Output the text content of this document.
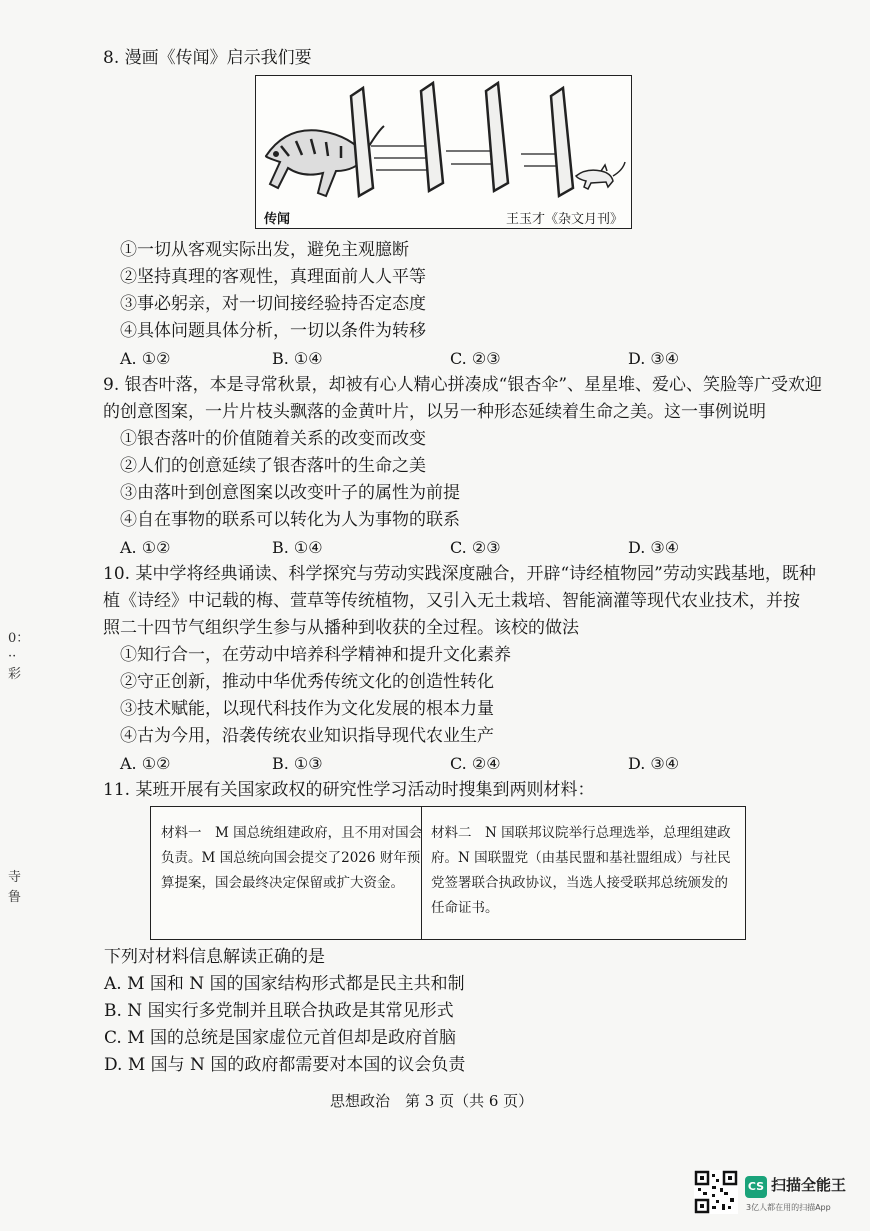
8. 漫画《传闻》启示我们要
传闻	王玉才《杂文月刊》
①一切从客观实际出发，避免主观臆断
②坚持真理的客观性，真理面前人人平等
③事必躬亲，对一切间接经验持否定态度
④具体问题具体分析，一切以条件为转移
A. ①②	B. ①④	C. ②③	D. ③④
9. 银杏叶落，本是寻常秋景，却被有心人精心拼凑成“银杏伞”、星星堆、爱心、笑脸等广受欢迎
的创意图案，一片片枝头飘落的金黄叶片，以另一种形态延续着生命之美。这一事例说明
①银杏落叶的价值随着关系的改变而改变
②人们的创意延续了银杏落叶的生命之美
③由落叶到创意图案以改变叶子的属性为前提
④自在事物的联系可以转化为人为事物的联系
A. ①②	B. ①④	C. ②③	D. ③④
10. 某中学将经典诵读、科学探究与劳动实践深度融合，开辟“诗经植物园”劳动实践基地，既种
植《诗经》中记载的梅、萱草等传统植物，又引入无土栽培、智能滴灌等现代农业技术，并按
照二十四节气组织学生参与从播种到收获的全过程。该校的做法
①知行合一，在劳动中培养科学精神和提升文化素养
②守正创新，推动中华优秀传统文化的创造性转化
③技术赋能，以现代科技作为文化发展的根本力量
④古为今用，沿袭传统农业知识指导现代农业生产
A. ①②	B. ①③	C. ②④	D. ③④
11. 某班开展有关国家政权的研究性学习活动时搜集到两则材料：
材料一　M 国总统组建政府，且不用对国会负责。M 国总统向国会提交了2026 财年预算提案，国会最终决定保留或扩大资金。
材料二　N 国联邦议院举行总理选举，总理组建政府。N 国联盟党（由基民盟和基社盟组成）与社民党签署联合执政协议，当选人接受联邦总统颁发的任命证书。
下列对材料信息解读正确的是
A. M 国和 N 国的国家结构形式都是民主共和制
B. N 国实行多党制并且联合执政是其常见形式
C. M 国的总统是国家虚位元首但却是政府首脑
D. M 国与 N 国的政府都需要对本国的议会负责
0：·· 彩
寺 鲁
思想政治　第 3 页（共 6 页）
CS 扫描全能王
3亿人都在用的扫描App
